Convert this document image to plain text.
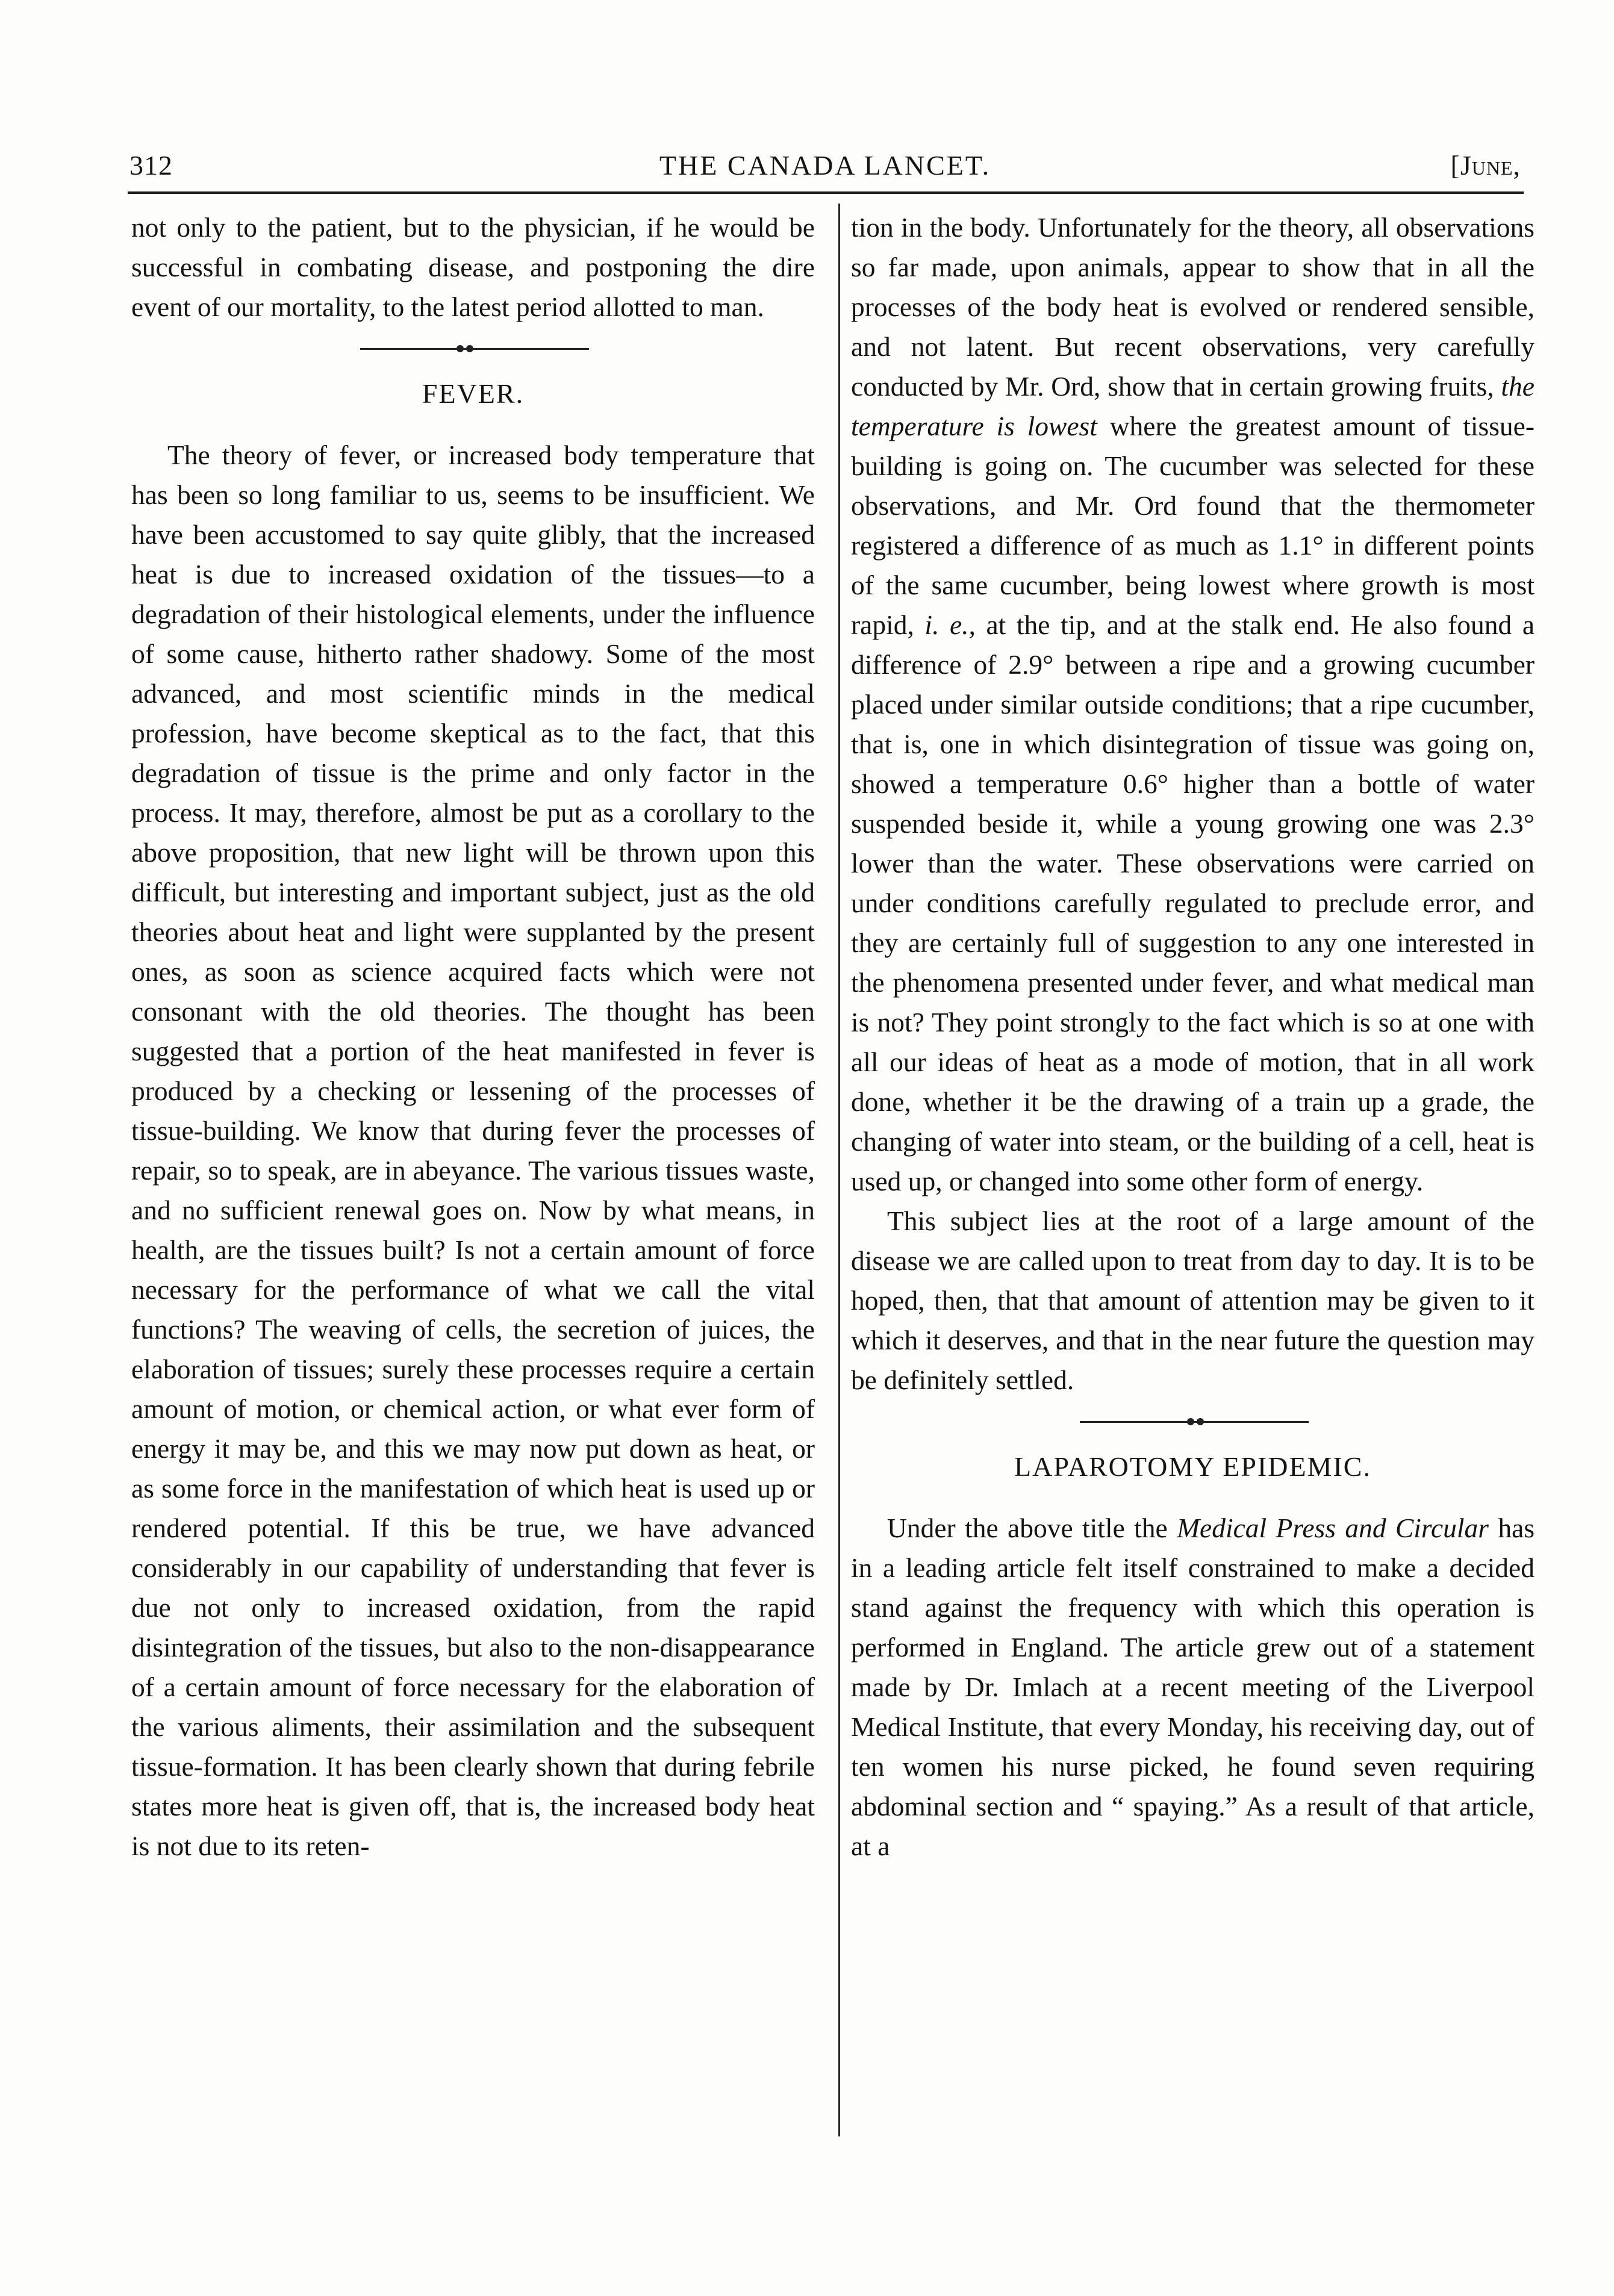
312	THE CANADA LANCET.	[June,

not only to the patient, but to the physician, if he would be successful in combating disease, and postponing the dire event of our mortality, to the latest period allotted to man.

FEVER.

The theory of fever, or increased body temperature that has been so long familiar to us, seems to be insufficient. We have been accustomed to say quite glibly, that the increased heat is due to increased oxidation of the tissues—to a degradation of their histological elements, under the influence of some cause, hitherto rather shadowy. Some of the most advanced, and most scientific minds in the medical profession, have become skeptical as to the fact, that this degradation of tissue is the prime and only factor in the process. It may, therefore, almost be put as a corollary to the above proposition, that new light will be thrown upon this difficult, but interesting and important subject, just as the old theories about heat and light were supplanted by the present ones, as soon as science acquired facts which were not consonant with the old theories. The thought has been suggested that a portion of the heat manifested in fever is produced by a checking or lessening of the processes of tissue-building. We know that during fever the processes of repair, so to speak, are in abeyance. The various tissues waste, and no sufficient renewal goes on. Now by what means, in health, are the tissues built? Is not a certain amount of force necessary for the performance of what we call the vital functions? The weaving of cells, the secretion of juices, the elaboration of tissues; surely these processes require a certain amount of motion, or chemical action, or what ever form of energy it may be, and this we may now put down as heat, or as some force in the manifestation of which heat is used up or rendered potential. If this be true, we have advanced considerably in our capability of understanding that fever is due not only to increased oxidation, from the rapid disintegration of the tissues, but also to the non-disappearance of a certain amount of force necessary for the elaboration of the various aliments, their assimilation and the subsequent tissue-formation. It has been clearly shown that during febrile states more heat is given off, that is, the increased body heat is not due to its reten-

tion in the body. Unfortunately for the theory, all observations so far made, upon animals, appear to show that in all the processes of the body heat is evolved or rendered sensible, and not latent. But recent observations, very carefully conducted by Mr. Ord, show that in certain growing fruits, the temperature is lowest where the greatest amount of tissue-building is going on. The cucumber was selected for these observations, and Mr. Ord found that the thermometer registered a difference of as much as 1.1° in different points of the same cucumber, being lowest where growth is most rapid, i. e., at the tip, and at the stalk end. He also found a difference of 2.9° between a ripe and a growing cucumber placed under similar outside conditions; that a ripe cucumber, that is, one in which disintegration of tissue was going on, showed a temperature 0.6° higher than a bottle of water suspended beside it, while a young growing one was 2.3° lower than the water. These observations were carried on under conditions carefully regulated to preclude error, and they are certainly full of suggestion to any one interested in the phenomena presented under fever, and what medical man is not? They point strongly to the fact which is so at one with all our ideas of heat as a mode of motion, that in all work done, whether it be the drawing of a train up a grade, the changing of water into steam, or the building of a cell, heat is used up, or changed into some other form of energy.

This subject lies at the root of a large amount of the disease we are called upon to treat from day to day. It is to be hoped, then, that that amount of attention may be given to it which it deserves, and that in the near future the question may be definitely settled.

LAPAROTOMY EPIDEMIC.

Under the above title the Medical Press and Circular has in a leading article felt itself constrained to make a decided stand against the frequency with which this operation is performed in England. The article grew out of a statement made by Dr. Imlach at a recent meeting of the Liverpool Medical Institute, that every Monday, his receiving day, out of ten women his nurse picked, he found seven requiring abdominal section and “ spaying.” As a result of that article, at a
